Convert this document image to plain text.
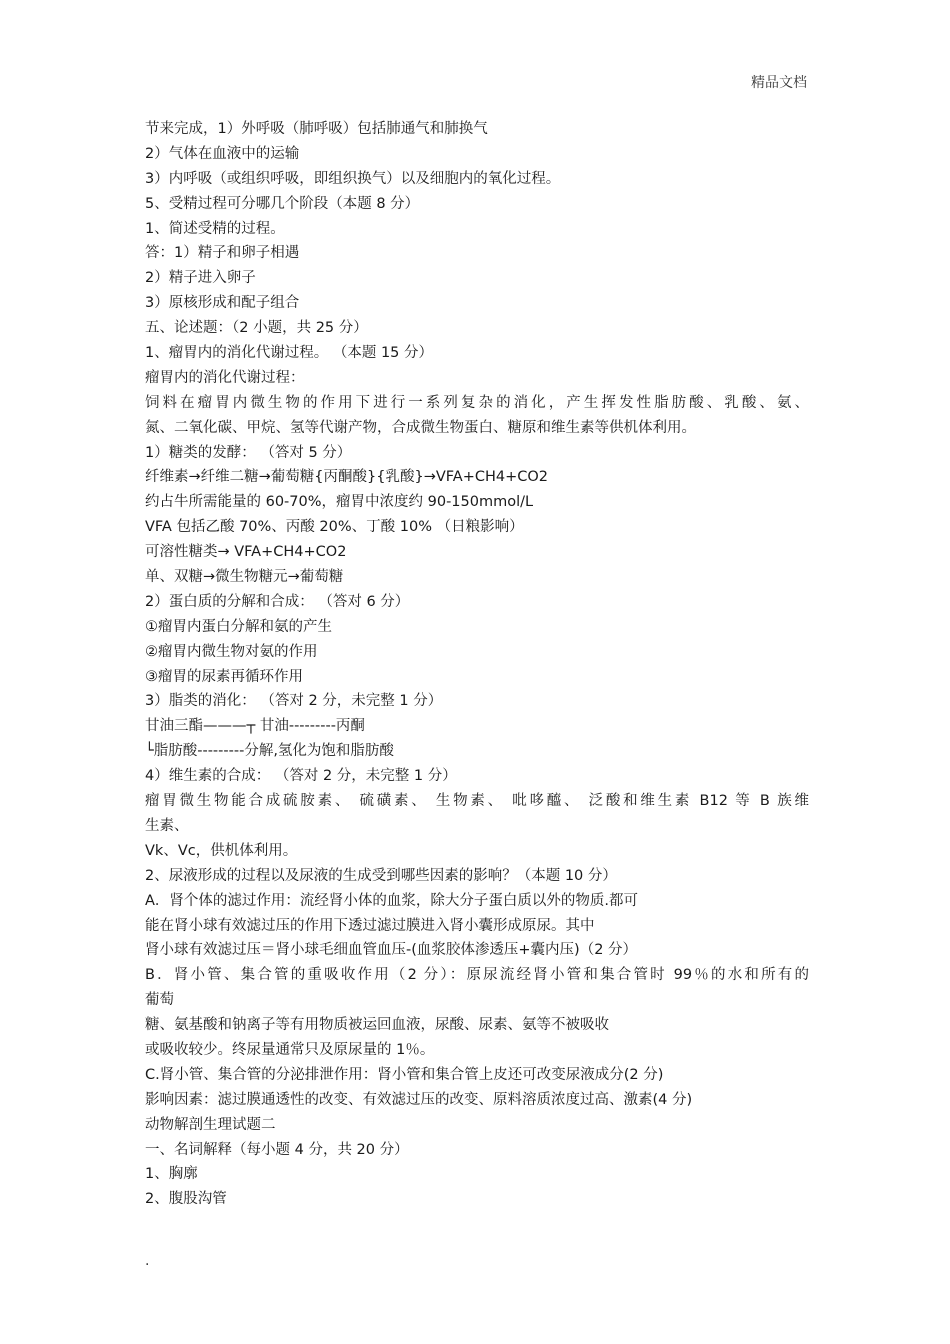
精品文档
节来完成，1）外呼吸（肺呼吸）包括肺通气和肺换气
2）气体在血液中的运输
3）内呼吸（或组织呼吸，即组织换气）以及细胞内的氧化过程。
5、受精过程可分哪几个阶段（本题 8 分）
1、简述受精的过程。
答：1）精子和卵子相遇
2）精子进入卵子
3）原核形成和配子组合
五、论述题：（2 小题，共 25 分）
1、瘤胃内的消化代谢过程。 （本题 15 分）
瘤胃内的消化代谢过程：
饲料在瘤胃内微生物的作用下进行一系列复杂的消化，产生挥发性脂肪酸、乳酸、氨、
氮、二氧化碳、甲烷、氢等代谢产物，合成微生物蛋白、糖原和维生素等供机体利用。
1）糖类的发酵： （答对 5 分）
纤维素→纤维二糖→葡萄糖{丙酮酸}{乳酸}→VFA+CH4+CO2
约占牛所需能量的 60-70%，瘤胃中浓度约 90-150mmol/L
VFA 包括乙酸 70%、丙酸 20%、丁酸 10% （日粮影响）
可溶性糖类→ VFA+CH4+CO2
单、双糖→微生物糖元→葡萄糖
2）蛋白质的分解和合成： （答对 6 分）
①瘤胃内蛋白分解和氨的产生
②瘤胃内微生物对氨的作用
③瘤胃的尿素再循环作用
3）脂类的消化： （答对 2 分，未完整 1 分）
甘油三酯———┬ 甘油---------丙酮
└脂肪酸---------分解,氢化为饱和脂肪酸
4）维生素的合成： （答对 2 分，未完整 1 分）
瘤胃微生物能合成硫胺素、 硫磺素、 生物素、 吡哆醯、 泛酸和维生素 B12 等 B 族维
生素、
Vk、Vc，供机体利用。
2、尿液形成的过程以及尿液的生成受到哪些因素的影响？（本题 10 分）
A．肾个体的滤过作用：流经肾小体的血浆，除大分子蛋白质以外的物质.都可
能在肾小球有效滤过压的作用下透过滤过膜进入肾小囊形成原尿。其中
肾小球有效滤过压＝肾小球毛细血管血压-(血浆胶体渗透压+囊内压)（2 分）
B．肾小管、集合管的重吸收作用（2 分）：原尿流经肾小管和集合管时 99％的水和所有的
葡萄
糖、氨基酸和钠离子等有用物质被运回血液，尿酸、尿素、氨等不被吸收
或吸收较少。终尿量通常只及原尿量的 1％。
C.肾小管、集合管的分泌排泄作用：肾小管和集合管上皮还可改变尿液成分(2 分)
影响因素：滤过膜通透性的改变、有效滤过压的改变、原料溶质浓度过高、激素(4 分)
动物解剖生理试题二
一、名词解释（每小题 4 分，共 20 分）
1、胸廓
2、腹股沟管
.
